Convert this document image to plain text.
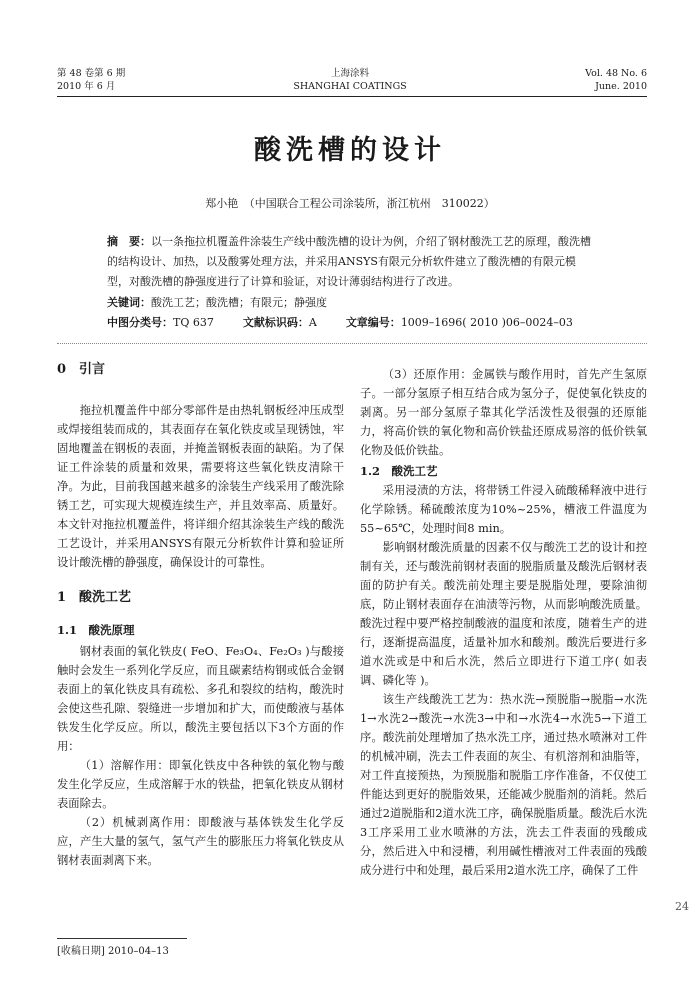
第 48 卷第 6 期
2010 年 6 月
上海涂料
SHANGHAI COATINGS
Vol. 48 No. 6
June. 2010
24
酸洗槽的设计
郑小艳　（中国联合工程公司涂装所，浙江杭州　310022）
摘　要：以一条拖拉机覆盖件涂装生产线中酸洗槽的设计为例，介绍了钢材酸洗工艺的原理，酸洗槽的结构设计、加热，以及酸雾处理方法，并采用ANSYS有限元分析软件建立了酸洗槽的有限元模型，对酸洗槽的静强度进行了计算和验证，对设计薄弱结构进行了改进。
关键词：酸洗工艺；酸洗槽；有限元；静强度
中图分类号：TQ 637	文献标识码：A	文章编号：1009–1696( 2010 )06–0024–03
0　引言

拖拉机覆盖件中部分零部件是由热轧钢板经冲压成型或焊接组装而成的，其表面存在氧化铁皮或呈现锈蚀，牢固地覆盖在钢板的表面，并掩盖钢板表面的缺陷。为了保证工件涂装的质量和效果，需要将这些氧化铁皮清除干净。为此，目前我国越来越多的涂装生产线采用了酸洗除锈工艺，可实现大规模连续生产，并且效率高、质量好。本文针对拖拉机覆盖件，将详细介绍其涂装生产线的酸洗工艺设计，并采用ANSYS有限元分析软件计算和验证所设计酸洗槽的静强度，确保设计的可靠性。

1　酸洗工艺
1.1　酸洗原理

钢材表面的氧化铁皮( FeO、Fe₃O₄、Fe₂O₃ )与酸接触时会发生一系列化学反应，而且碳素结构钢或低合金钢表面上的氧化铁皮具有疏松、多孔和裂纹的结构，酸洗时会使这些孔隙、裂缝进一步增加和扩大，而使酸液与基体铁发生化学反应。所以，酸洗主要包括以下3个方面的作用：

（1）溶解作用：即氧化铁皮中各种铁的氧化物与酸发生化学反应，生成溶解于水的铁盐，把氧化铁皮从钢材表面除去。

（2）机械剥离作用：即酸液与基体铁发生化学反应，产生大量的氢气，氢气产生的膨胀压力将氧化铁皮从钢材表面剥离下来。

[收稿日期] 2010–04–13

（3）还原作用：金属铁与酸作用时，首先产生氢原子。一部分氢原子相互结合成为氢分子，促使氧化铁皮的剥离。另一部分氢原子靠其化学活泼性及很强的还原能力，将高价铁的氧化物和高价铁盐还原成易溶的低价铁氧化物及低价铁盐。

1.2　酸洗工艺

采用浸渍的方法，将带锈工件浸入硫酸稀释液中进行化学除锈。稀硫酸浓度为10%~25%，槽液工件温度为55~65℃，处理时间8 min。

影响钢材酸洗质量的因素不仅与酸洗工艺的设计和控制有关，还与酸洗前钢材表面的脱脂质量及酸洗后钢材表面的防护有关。酸洗前处理主要是脱脂处理，要除油彻底，防止钢材表面存在油渍等污物，从而影响酸洗质量。酸洗过程中要严格控制酸液的温度和浓度，随着生产的进行，逐渐提高温度，适量补加水和酸剂。酸洗后要进行多道水洗或是中和后水洗，然后立即进行下道工序( 如表调、磷化等 )。

该生产线酸洗工艺为：热水洗→预脱脂→脱脂→水洗1→水洗2→酸洗→水洗3→中和→水洗4→水洗5→下道工序。酸洗前处理增加了热水洗工序，通过热水喷淋对工件的机械冲刷，洗去工件表面的灰尘、有机溶剂和油脂等，对工件直接预热，为预脱脂和脱脂工序作准备，不仅使工件能达到更好的脱脂效果，还能减少脱脂剂的消耗。然后通过2道脱脂和2道水洗工序，确保脱脂质量。酸洗后水洗3工序采用工业水喷淋的方法，洗去工件表面的残酸成分，然后进入中和浸槽，利用碱性槽液对工件表面的残酸成分进行中和处理，最后采用2道水洗工序，确保了工件
